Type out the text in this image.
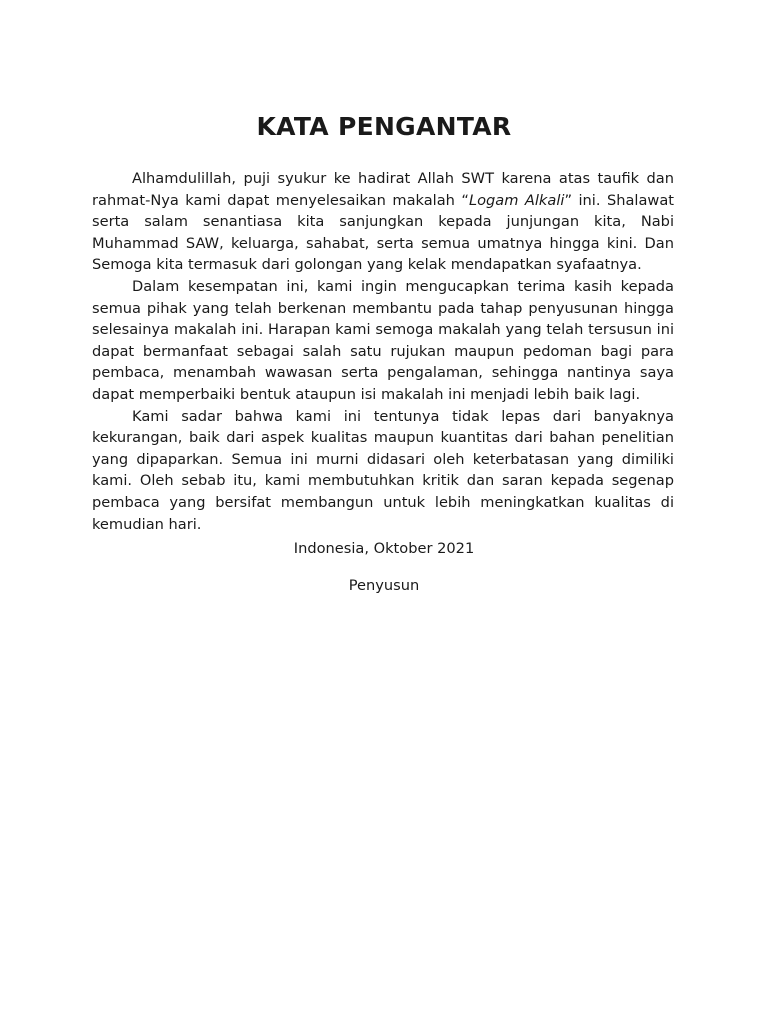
KATA PENGANTAR

Alhamdulillah, puji syukur ke hadirat Allah SWT karena atas taufik dan rahmat-Nya kami dapat menyelesaikan makalah “Logam Alkali” ini. Shalawat serta salam senantiasa kita sanjungkan kepada junjungan kita, Nabi Muhammad SAW, keluarga, sahabat, serta semua umatnya hingga kini. Dan Semoga kita termasuk dari golongan yang kelak mendapatkan syafaatnya.

Dalam kesempatan ini, kami ingin mengucapkan terima kasih kepada semua pihak yang telah berkenan membantu pada tahap penyusunan hingga selesainya makalah ini. Harapan kami semoga makalah yang telah tersusun ini dapat bermanfaat sebagai salah satu rujukan maupun pedoman bagi para pembaca, menambah wawasan serta pengalaman, sehingga nantinya saya dapat memperbaiki bentuk ataupun isi makalah ini menjadi lebih baik lagi.

Kami sadar bahwa kami ini tentunya tidak lepas dari banyaknya kekurangan, baik dari aspek kualitas maupun kuantitas dari bahan penelitian yang dipaparkan. Semua ini murni didasari oleh keterbatasan yang dimiliki kami. Oleh sebab itu, kami membutuhkan kritik dan saran kepada segenap pembaca yang bersifat membangun untuk lebih meningkatkan kualitas di kemudian hari.

Indonesia, Oktober 2021

Penyusun
